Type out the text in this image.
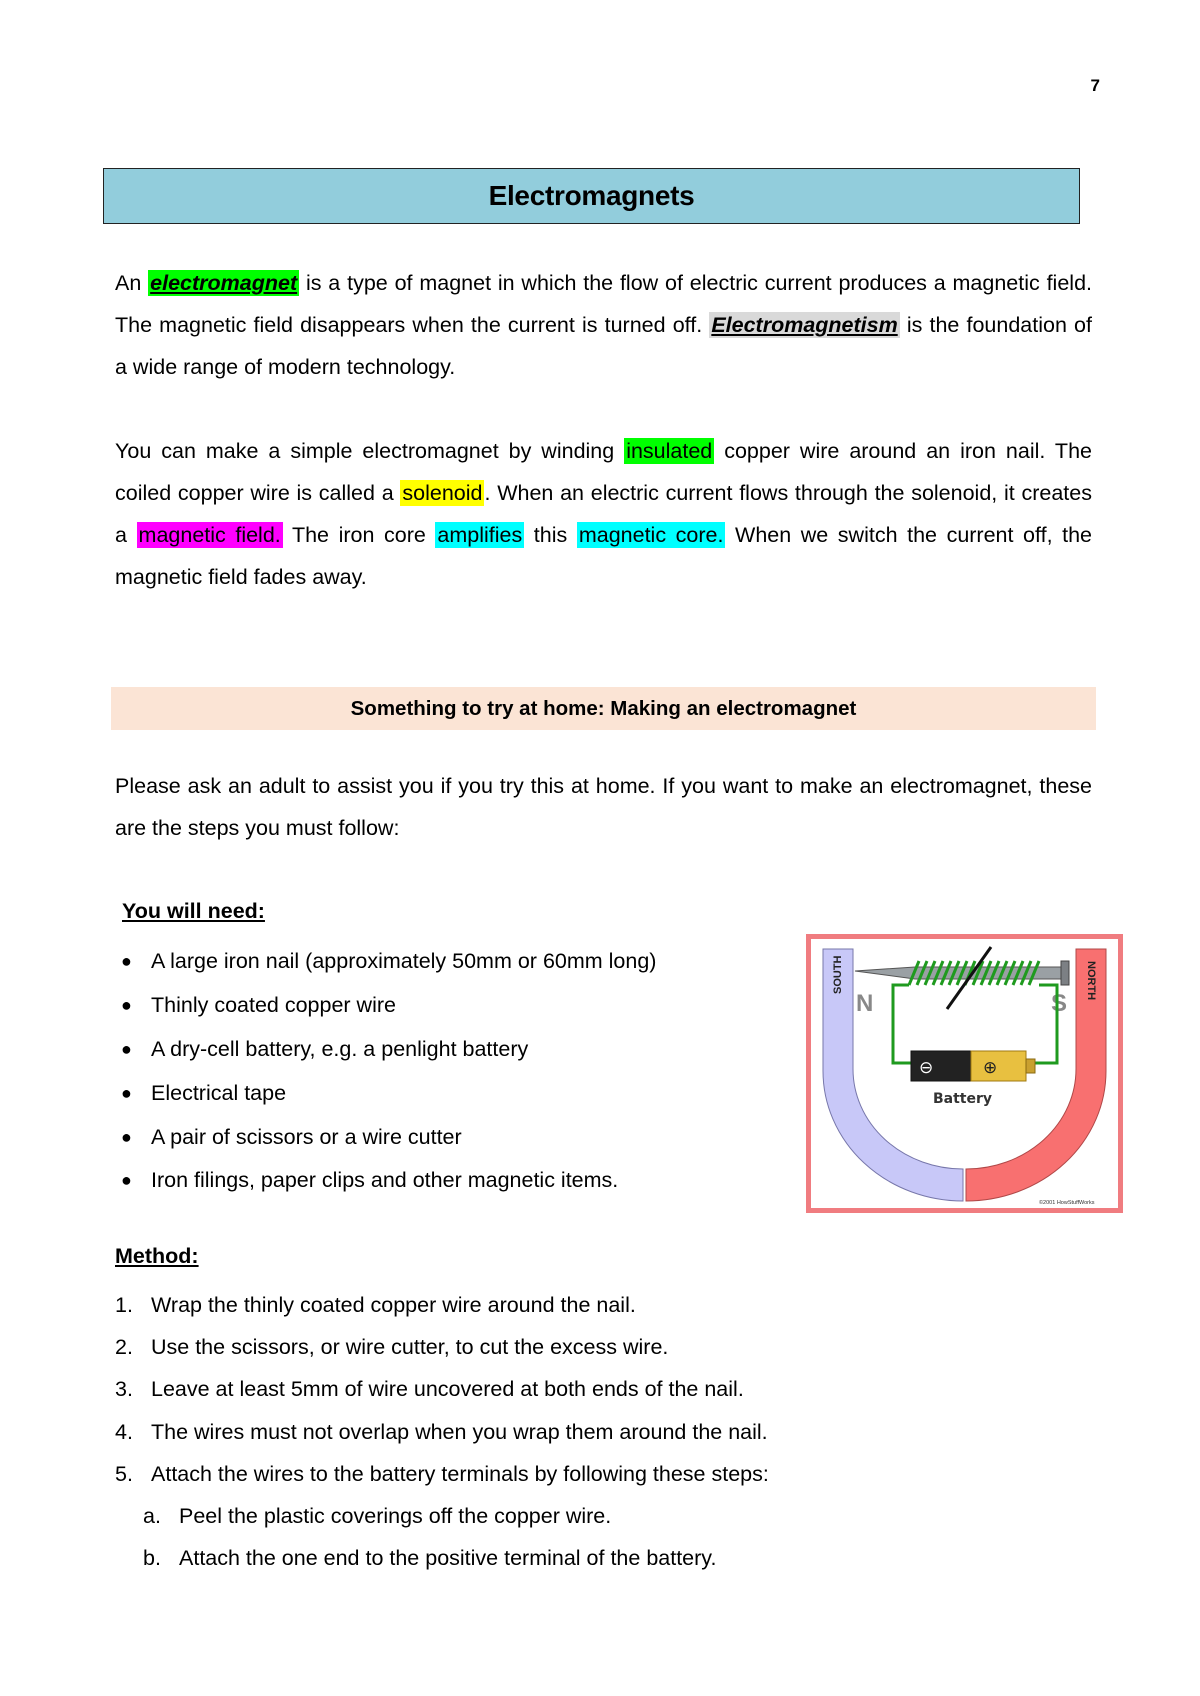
7
Electromagnets

An electromagnet is a type of magnet in which the flow of electric current produces a magnetic field. The magnetic field disappears when the current is turned off. Electromagnetism is the foundation of a wide range of modern technology.

You can make a simple electromagnet by winding insulated copper wire around an iron nail. The coiled copper wire is called a solenoid. When an electric current flows through the solenoid, it creates a magnetic field. The iron core amplifies this magnetic core. When we switch the current off, the magnetic field fades away.

Something to try at home: Making an electromagnet

Please ask an adult to assist you if you try this at home. If you want to make an electromagnet, these are the steps you must follow:

You will need:
● A large iron nail (approximately 50mm or 60mm long)
● Thinly coated copper wire
● A dry-cell battery, e.g. a penlight battery
● Electrical tape
● A pair of scissors or a wire cutter
● Iron filings, paper clips and other magnetic items.
SOUTH	NORTH
N	S
⊖	⊕
Battery
©2001 HowStuffWorks
Method:
1. Wrap the thinly coated copper wire around the nail.
2. Use the scissors, or wire cutter, to cut the excess wire.
3. Leave at least 5mm of wire uncovered at both ends of the nail.
4. The wires must not overlap when you wrap them around the nail.
5. Attach the wires to the battery terminals by following these steps:
a. Peel the plastic coverings off the copper wire.
b. Attach the one end to the positive terminal of the battery.
